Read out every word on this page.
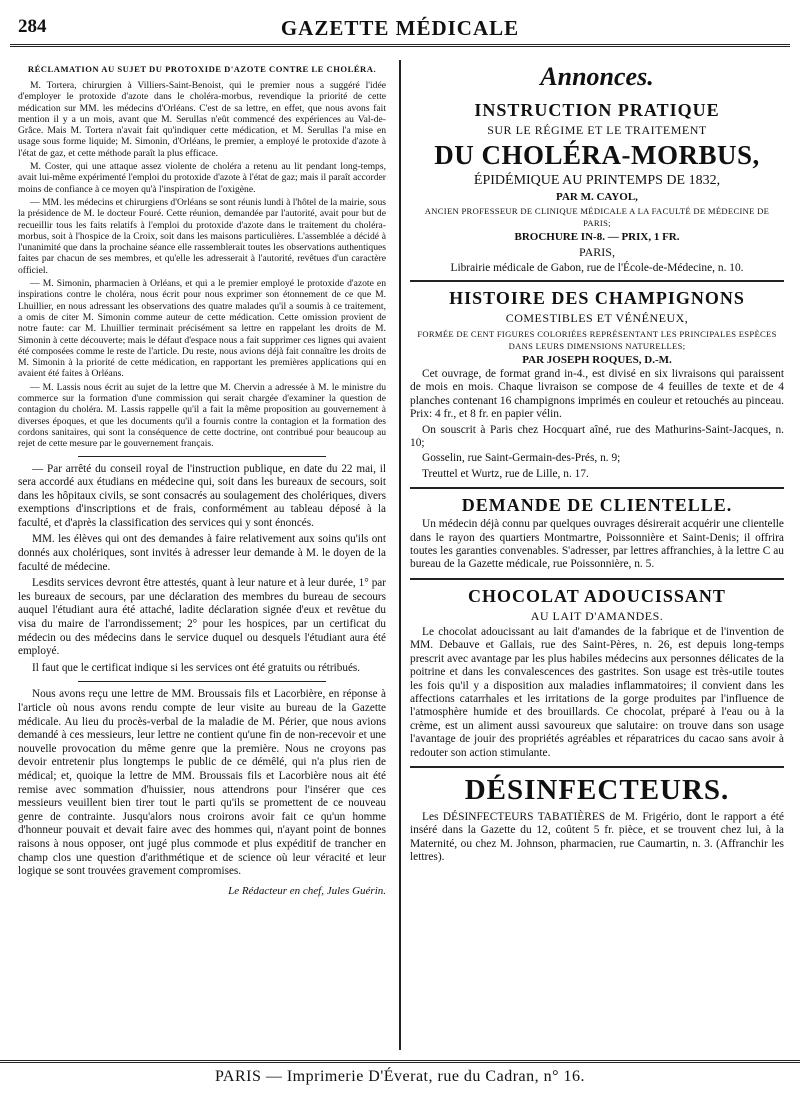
284	GAZETTE MÉDICALE
RÉCLAMATION AU SUJET DU PROTOXIDE D'AZOTE CONTRE LE CHOLÉRA.

M. Tortera, chirurgien à Villiers-Saint-Benoist, qui le premier nous a suggéré l'idée d'employer le protoxide d'azote dans le choléra-morbus, revendique la priorité de cette médication sur MM. les médecins d'Orléans. C'est de sa lettre, en effet, que nous avons fait mention il y a un mois, avant que M. Serullas n'eût commencé des expériences au Val-de-Grâce. Mais M. Tortera n'avait fait qu'indiquer cette médication, et M. Serullas l'a mise en usage sous forme liquide; M. Simonin, d'Orléans, le premier, a employé le protoxide d'azote à l'état de gaz, et cette méthode paraît la plus efficace.

M. Coster, qui une attaque assez violente de choléra a retenu au lit pendant long-temps, avait lui-même expérimenté l'emploi du protoxide d'azote à l'état de gaz; mais il paraît accorder moins de confiance à ce moyen qu'à l'inspiration de l'oxigène.

— MM. les médecins et chirurgiens d'Orléans se sont réunis lundi à l'hôtel de la mairie, sous la présidence de M. le docteur Fouré. Cette réunion, demandée par l'autorité, avait pour but de recueillir tous les faits relatifs à l'emploi du protoxide d'azote dans le traitement du choléra-morbus, soit à l'hospice de la Croix, soit dans les maisons particulières. L'assemblée a décidé à l'unanimité que dans la prochaine séance elle rassemblerait toutes les observations authentiques faites par chacun de ses membres, et qu'elle les adresserait à l'autorité, revêtues d'un caractère officiel.

— M. Simonin, pharmacien à Orléans, et qui a le premier employé le protoxide d'azote en inspirations contre le choléra, nous écrit pour nous exprimer son étonnement de ce que M. Lhuillier, en nous adressant les observations des quatre malades qu'il a soumis à ce traitement, a omis de citer M. Simonin comme auteur de cette médication. Cette omission provient de notre faute: car M. Lhuillier terminait précisément sa lettre en rappelant les droits de M. Simonin à cette découverte; mais le défaut d'espace nous a fait supprimer ces lignes qui avaient été composées comme le reste de l'article. Du reste, nous avions déjà fait connaître les droits de M. Simonin à la priorité de cette médication, en rapportant les premières applications qui en avaient été faites à Orléans.

— M. Lassis nous écrit au sujet de la lettre que M. Chervin a adressée à M. le ministre du commerce sur la formation d'une commission qui serait chargée d'examiner la question de contagion du choléra. M. Lassis rappelle qu'il a fait la même proposition au gouvernement à diverses époques, et que les documents qu'il a fournis contre la contagion et la formation des cordons sanitaires, qui sont la conséquence de cette doctrine, ont contribué pour beaucoup au rejet de cette mesure par le gouvernement français.

— Par arrêté du conseil royal de l'instruction publique, en date du 22 mai, il sera accordé aux étudians en médecine qui, soit dans les bureaux de secours, soit dans les hôpitaux civils, se sont consacrés au soulagement des cholériques, divers exemptions d'inscriptions et de frais, conformément au tableau déposé à la faculté, et d'après la classification des services qui y sont énoncés.

MM. les élèves qui ont des demandes à faire relativement aux soins qu'ils ont donnés aux cholériques, sont invités à adresser leur demande à M. le doyen de la faculté de médecine.

Lesdits services devront être attestés, quant à leur nature et à leur durée, 1° par les bureaux de secours, par une déclaration des membres du bureau de secours auquel l'étudiant aura été attaché, ladite déclaration signée d'eux et revêtue du visa du maire de l'arrondissement; 2° pour les hospices, par un certificat du médecin ou des médecins dans le service duquel ou desquels l'étudiant aura été employé.

Il faut que le certificat indique si les services ont été gratuits ou rétribués.

Nous avons reçu une lettre de MM. Broussais fils et Lacorbière, en réponse à l'article où nous avons rendu compte de leur visite au bureau de la Gazette médicale. Au lieu du procès-verbal de la maladie de M. Périer, que nous avions demandé à ces messieurs, leur lettre ne contient qu'une fin de non-recevoir et une nouvelle provocation du même genre que la première. Nous ne croyons pas devoir entretenir plus longtemps le public de ce démêlé, qui n'a plus rien de médical; et, quoique la lettre de MM. Broussais fils et Lacorbière nous ait été remise avec sommation d'huissier, nous attendrons pour l'insérer que ces messieurs veuillent bien tirer tout le parti qu'ils se promettent de ce nouveau genre de contrainte. Jusqu'alors nous croirons avoir fait ce qu'un homme d'honneur pouvait et devait faire avec des hommes qui, n'ayant point de bonnes raisons à nous opposer, ont jugé plus commode et plus expéditif de trancher en champ clos une question d'arithmétique et de science où leur véracité et leur logique se sont trouvées gravement compromises.

Le Rédacteur en chef, Jules Guérin.
Annonces.
INSTRUCTION PRATIQUE
SUR LE RÉGIME ET LE TRAITEMENT
DU CHOLÉRA-MORBUS,
ÉPIDÉMIQUE AU PRINTEMPS DE 1832,
PAR M. CAYOL,
ANCIEN PROFESSEUR DE CLINIQUE MÉDICALE A LA FACULTÉ DE MÉDECINE DE PARIS;
BROCHURE IN-8. — PRIX, 1 FR.
PARIS,
Librairie médicale de Gabon, rue de l'École-de-Médecine, n. 10.
HISTOIRE DES CHAMPIGNONS
COMESTIBLES ET VÉNÉNEUX,
FORMÉE DE CENT FIGURES COLORIÉES REPRÉSENTANT LES PRINCIPALES ESPÈCES DANS LEURS DIMENSIONS NATURELLES;
PAR JOSEPH ROQUES, D.-M.

Cet ouvrage, de format grand in-4., est divisé en six livraisons qui paraissent de mois en mois. Chaque livraison se compose de 4 feuilles de texte et de 4 planches contenant 16 champignons imprimés en couleur et retouchés au pinceau. Prix: 4 fr., et 8 fr. en papier vélin.

On souscrit à Paris chez Hocquart aîné, rue des Mathurins-Saint-Jacques, n. 10;

Gosselin, rue Saint-Germain-des-Prés, n. 9;

Treuttel et Wurtz, rue de Lille, n. 17.

DEMANDE DE CLIENTELLE.

Un médecin déjà connu par quelques ouvrages désirerait acquérir une clientelle dans le rayon des quartiers Montmartre, Poissonnière et Saint-Denis; il offrira toutes les garanties convenables. S'adresser, par lettres affranchies, à la lettre C au bureau de la Gazette médicale, rue Poissonnière, n. 5.

CHOCOLAT ADOUCISSANT
AU LAIT D'AMANDES.

Le chocolat adoucissant au lait d'amandes de la fabrique et de l'invention de MM. Debauve et Gallais, rue des Saint-Pères, n. 26, est depuis long-temps prescrit avec avantage par les plus habiles médecins aux personnes délicates de la poitrine et dans les convalescences des gastrites. Son usage est très-utile toutes les fois qu'il y a disposition aux maladies inflammatoires; il convient dans les affections catarrhales et les irritations de la gorge produites par l'influence de l'atmosphère humide et des brouillards. Ce chocolat, préparé à l'eau ou à la crème, est un aliment aussi savoureux que salutaire: on trouve dans son usage l'avantage de jouir des propriétés agréables et réparatrices du cacao sans avoir à redouter son action stimulante.

DÉSINFECTEURS.

Les DÉSINFECTEURS TABATIÈRES de M. Frigério, dont le rapport a été inséré dans la Gazette du 12, coûtent 5 fr. pièce, et se trouvent chez lui, à la Maternité, ou chez M. Johnson, pharmacien, rue Caumartin, n. 3. (Affranchir les lettres).

PARIS — Imprimerie D'Éverat, rue du Cadran, n° 16.
